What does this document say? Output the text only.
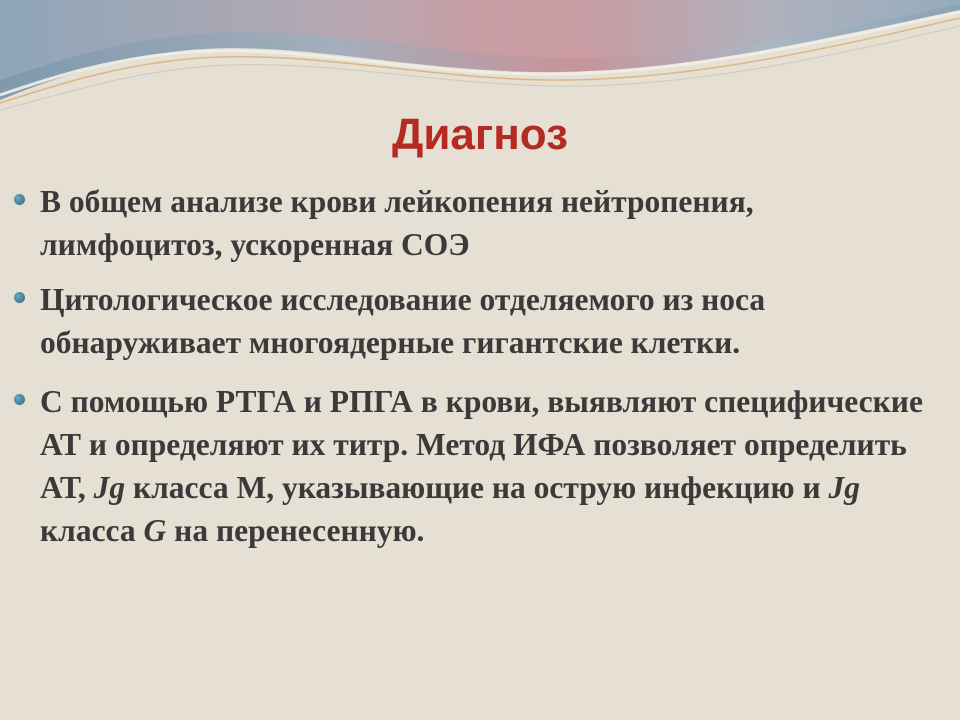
Диагноз
В общем анализе крови лейкопения нейтропения, лимфоцитоз, ускоренная СОЭ
Цитологическое исследование отделяемого из носа обнаруживает многоядерные гигантские клетки.
С помощью РТГА и РПГА в крови, выявляют специфические АТ и определяют их титр. Метод ИФА позволяет определить АТ, Jg класса М, указывающие на острую инфекцию и Jg класса G на перенесенную.
